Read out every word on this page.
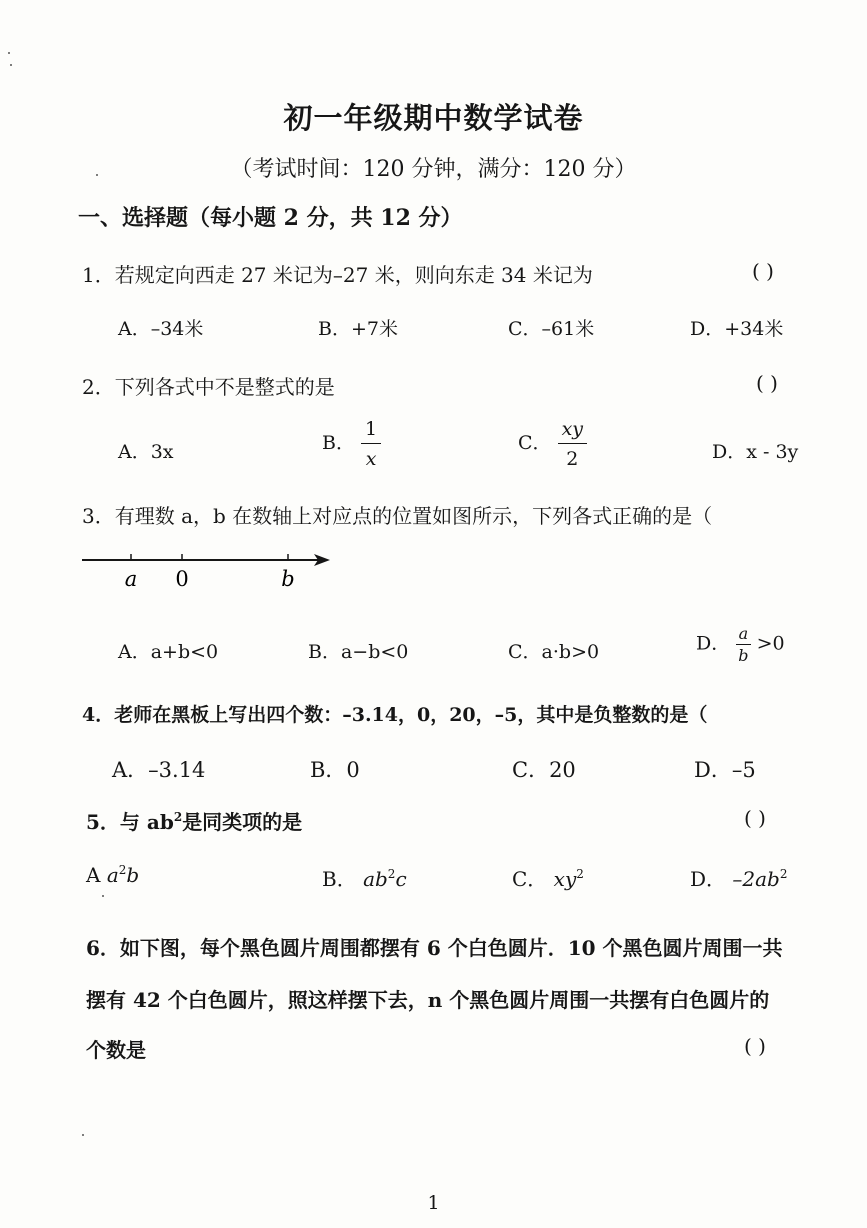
初一年级期中数学试卷
（考试时间：120 分钟，满分：120 分）
一、选择题（每小题 2 分，共 12 分）
1．若规定向西走 27 米记为–27 米，则向东走 34 米记为	( )
A．–34米	B．+7米	C．–61米	D．+34米
2．下列各式中不是整式的是	( )
A．3x	B． $\frac{1}{x}$	C． $\frac{xy}{2}$	D．x - 3y
3．有理数 a，b 在数轴上对应点的位置如图所示，下列各式正确的是（
a 0	b
A．a+b<0	B．a−b<0	C．a·b>0	D． $\frac{a}{b} >0$
4．老师在黑板上写出四个数：–3.14，0，20，–5，其中是负整数的是（
A．–3.14	B．0	C．20	D．–5
5．与 $ab^2$是同类项的是	( )
A $a^2b$	B． $ab^2c$	C． $xy^2$	D． $-2ab^2$
6．如下图，每个黑色圆片周围都摆有 6 个白色圆片．10 个黑色圆片周围一共
摆有 42 个白色圆片，照这样摆下去，n 个黑色圆片周围一共摆有白色圆片的
个数是	( )
1
